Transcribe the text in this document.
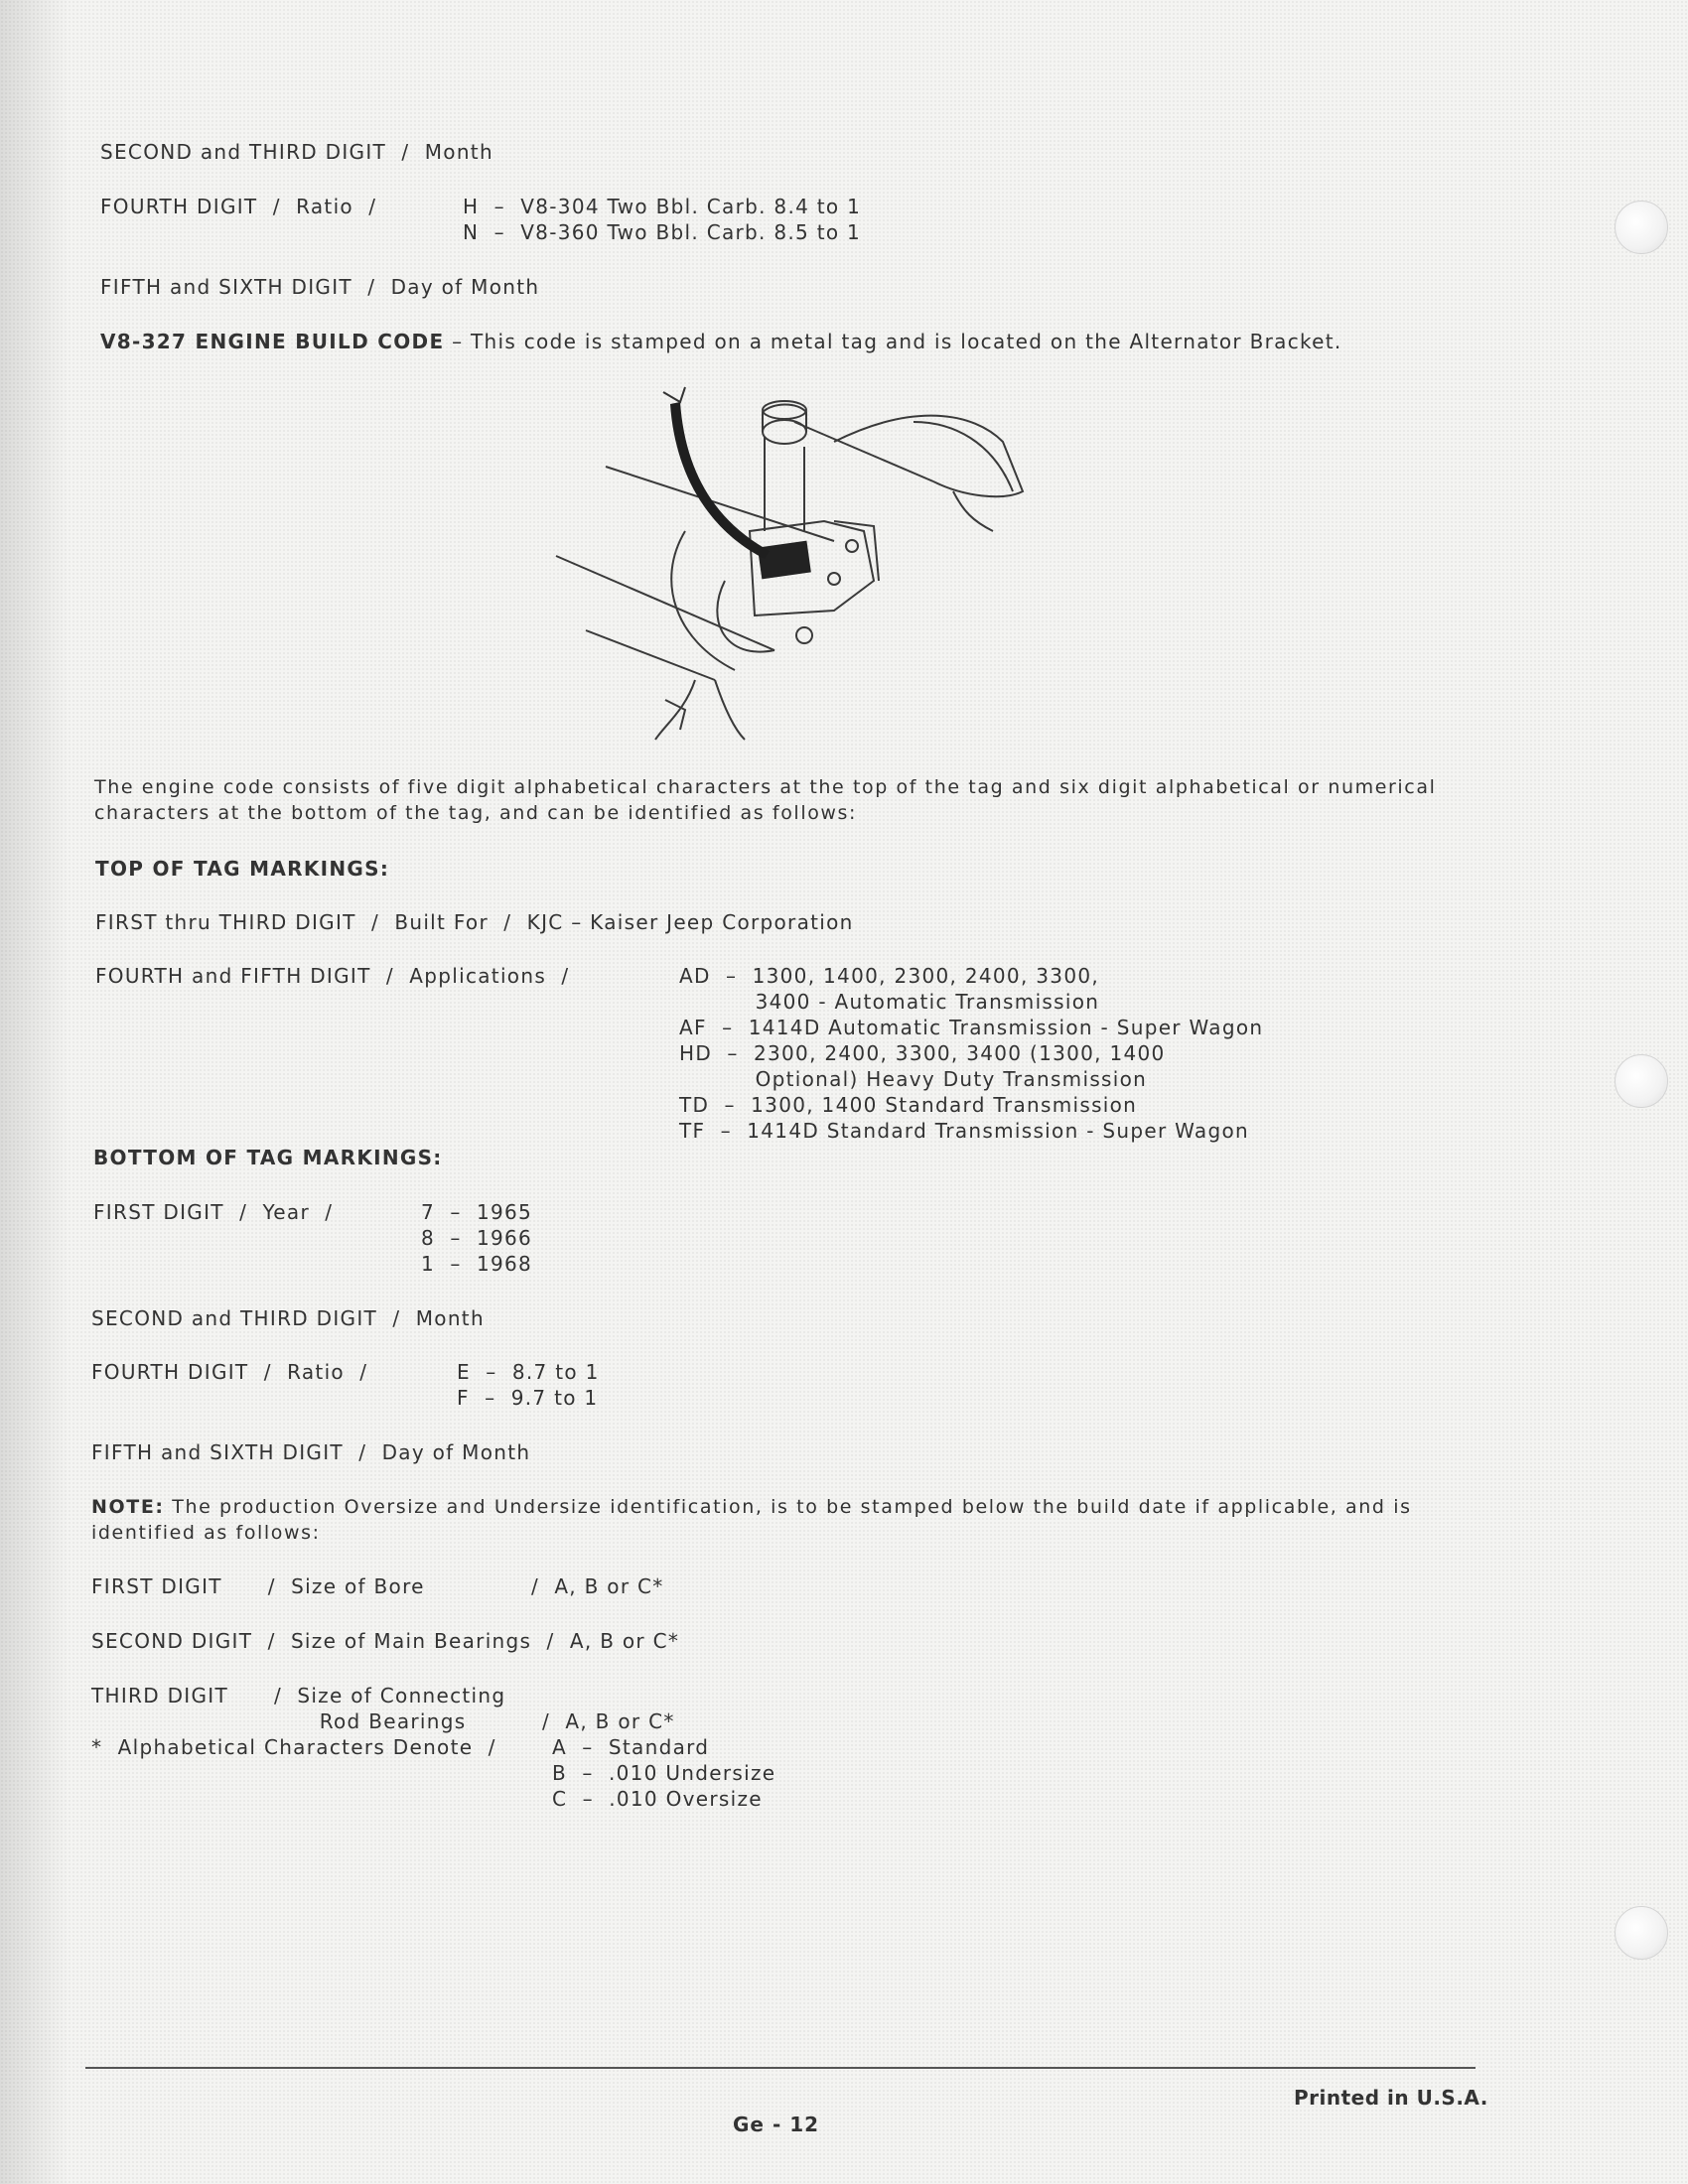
SECOND and THIRD DIGIT  /  Month
FOURTH DIGIT  /  Ratio  /	H  –  V8-304 Two Bbl. Carb. 8.4 to 1
N  –  V8-360 Two Bbl. Carb. 8.5 to 1
FIFTH and SIXTH DIGIT  /  Day of Month
V8-327 ENGINE BUILD CODE – This code is stamped on a metal tag and is located on the Alternator Bracket.
The engine code consists of five digit alphabetical characters at the top of the tag and six digit alphabetical or numerical characters at the bottom of the tag, and can be identified as follows:
TOP OF TAG MARKINGS:
FIRST thru THIRD DIGIT  /  Built For  /  KJC – Kaiser Jeep Corporation
FOURTH and FIFTH DIGIT  /  Applications  /	AD  –  1300, 1400, 2300, 2400, 3300,
3400 - Automatic Transmission
AF  –  1414D Automatic Transmission - Super Wagon
HD  –  2300, 2400, 3300, 3400 (1300, 1400
Optional) Heavy Duty Transmission
TD  –  1300, 1400 Standard Transmission
TF  –  1414D Standard Transmission - Super Wagon
BOTTOM OF TAG MARKINGS:
FIRST DIGIT  /  Year  /	7  –  1965
8  –  1966
1  –  1968
SECOND and THIRD DIGIT  /  Month
FOURTH DIGIT  /  Ratio  /	E  –  8.7 to 1
F  –  9.7 to 1
FIFTH and SIXTH DIGIT  /  Day of Month
NOTE: The production Oversize and Undersize identification, is to be stamped below the build date if applicable, and is identified as follows:
FIRST DIGIT      /  Size of Bore              /  A, B or C*
SECOND DIGIT  /  Size of Main Bearings  /  A, B or C*
THIRD DIGIT      /  Size of Connecting
Rod Bearings          /  A, B or C*
*  Alphabetical Characters Denote  /	A  –  Standard
B  –  .010 Undersize
C  –  .010 Oversize
Printed in U.S.A.
Ge - 12
